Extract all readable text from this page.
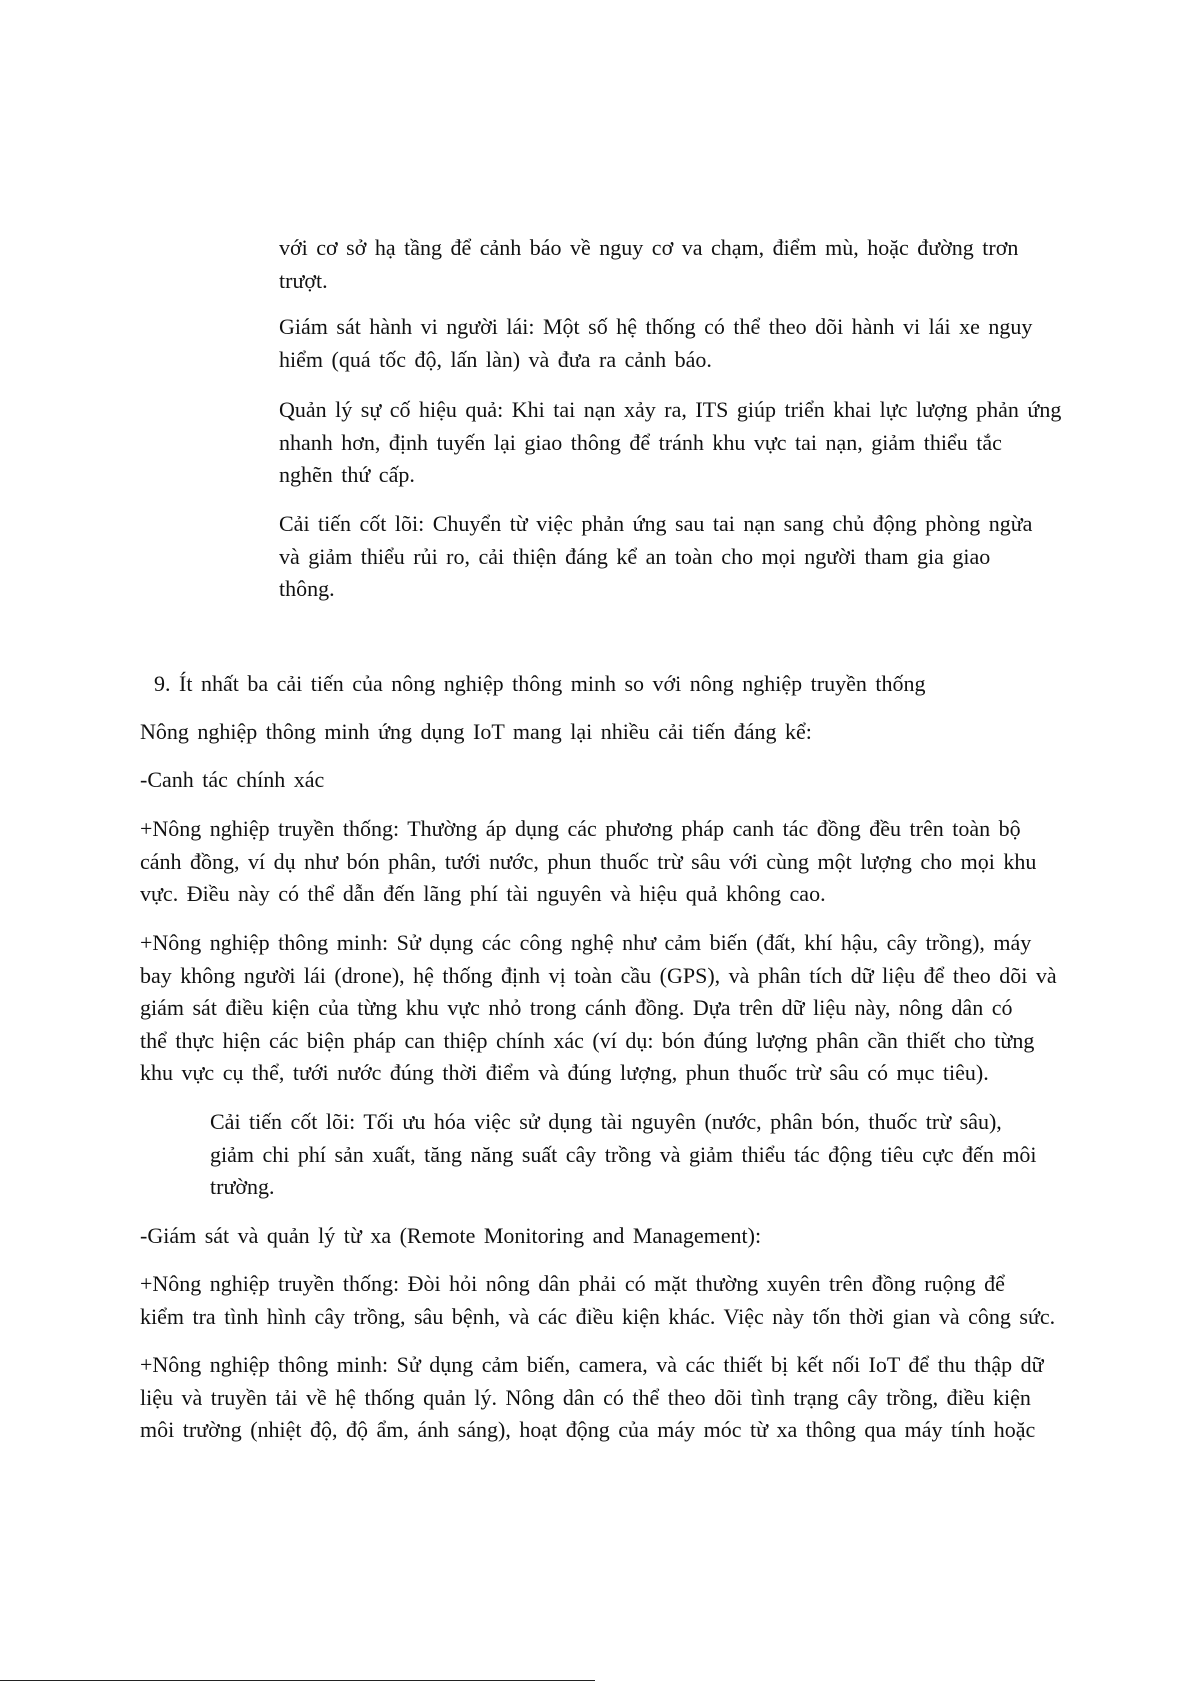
với cơ sở hạ tầng để cảnh báo về nguy cơ va chạm, điểm mù, hoặc đường trơn
trượt.

Giám sát hành vi người lái: Một số hệ thống có thể theo dõi hành vi lái xe nguy
hiểm (quá tốc độ, lấn làn) và đưa ra cảnh báo.

Quản lý sự cố hiệu quả: Khi tai nạn xảy ra, ITS giúp triển khai lực lượng phản ứng
nhanh hơn, định tuyến lại giao thông để tránh khu vực tai nạn, giảm thiểu tắc
nghẽn thứ cấp.

Cải tiến cốt lõi: Chuyển từ việc phản ứng sau tai nạn sang chủ động phòng ngừa
và giảm thiểu rủi ro, cải thiện đáng kể an toàn cho mọi người tham gia giao
thông.

9. Ít nhất ba cải tiến của nông nghiệp thông minh so với nông nghiệp truyền thống

Nông nghiệp thông minh ứng dụng IoT mang lại nhiều cải tiến đáng kể:

-Canh tác chính xác

+Nông nghiệp truyền thống: Thường áp dụng các phương pháp canh tác đồng đều trên toàn bộ
cánh đồng, ví dụ như bón phân, tưới nước, phun thuốc trừ sâu với cùng một lượng cho mọi khu
vực. Điều này có thể dẫn đến lãng phí tài nguyên và hiệu quả không cao.

+Nông nghiệp thông minh: Sử dụng các công nghệ như cảm biến (đất, khí hậu, cây trồng), máy
bay không người lái (drone), hệ thống định vị toàn cầu (GPS), và phân tích dữ liệu để theo dõi và
giám sát điều kiện của từng khu vực nhỏ trong cánh đồng. Dựa trên dữ liệu này, nông dân có
thể thực hiện các biện pháp can thiệp chính xác (ví dụ: bón đúng lượng phân cần thiết cho từng
khu vực cụ thể, tưới nước đúng thời điểm và đúng lượng, phun thuốc trừ sâu có mục tiêu).

Cải tiến cốt lõi: Tối ưu hóa việc sử dụng tài nguyên (nước, phân bón, thuốc trừ sâu),
giảm chi phí sản xuất, tăng năng suất cây trồng và giảm thiểu tác động tiêu cực đến môi
trường.

-Giám sát và quản lý từ xa (Remote Monitoring and Management):

+Nông nghiệp truyền thống: Đòi hỏi nông dân phải có mặt thường xuyên trên đồng ruộng để
kiểm tra tình hình cây trồng, sâu bệnh, và các điều kiện khác. Việc này tốn thời gian và công sức.

+Nông nghiệp thông minh: Sử dụng cảm biến, camera, và các thiết bị kết nối IoT để thu thập dữ
liệu và truyền tải về hệ thống quản lý. Nông dân có thể theo dõi tình trạng cây trồng, điều kiện
môi trường (nhiệt độ, độ ẩm, ánh sáng), hoạt động của máy móc từ xa thông qua máy tính hoặc
